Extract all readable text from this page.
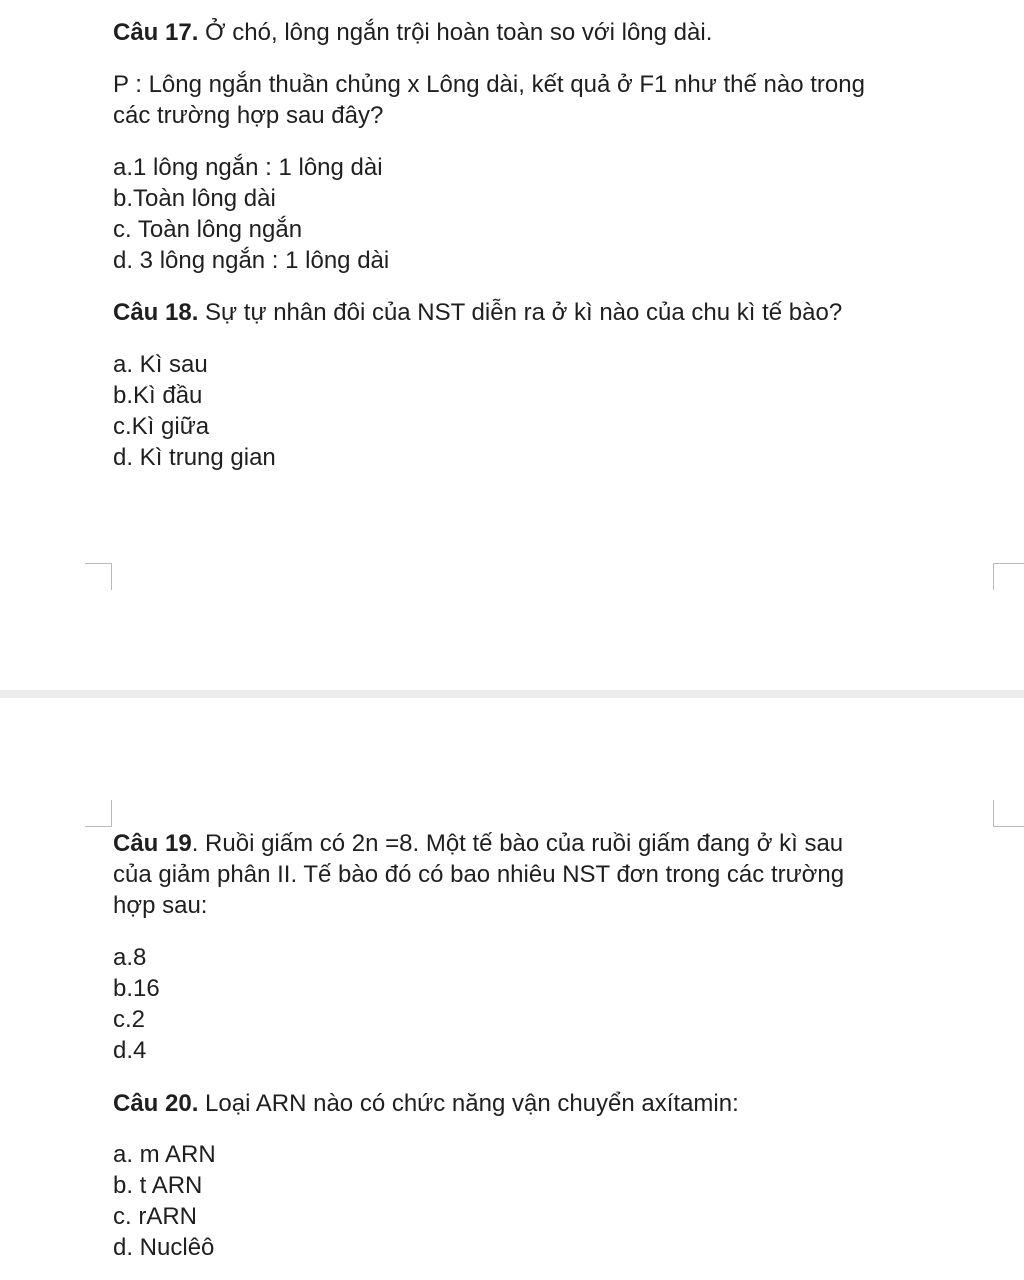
Câu 17. Ở chó, lông ngắn trội hoàn toàn so với lông dài.
P : Lông ngắn thuần chủng x Lông dài, kết quả ở F1 như thế nào trong
các trường hợp sau đây?
a.1 lông ngắn : 1 lông dài
b.Toàn lông dài
c. Toàn lông ngắn
d. 3 lông ngắn : 1 lông dài
Câu 18. Sự tự nhân đôi của NST diễn ra ở kì nào của chu kì tế bào?
a. Kì sau
b.Kì đầu
c.Kì giữa
d. Kì trung gian
Câu 19. Ruồi giấm có 2n =8. Một tế bào của ruồi giấm đang ở kì sau
của giảm phân II. Tế bào đó có bao nhiêu NST đơn trong các trường
hợp sau:
a.8
b.16
c.2
d.4
Câu 20. Loại ARN nào có chức năng vận chuyển axítamin:
a. m ARN
b. t ARN
c. rARN
d. Nuclêô
